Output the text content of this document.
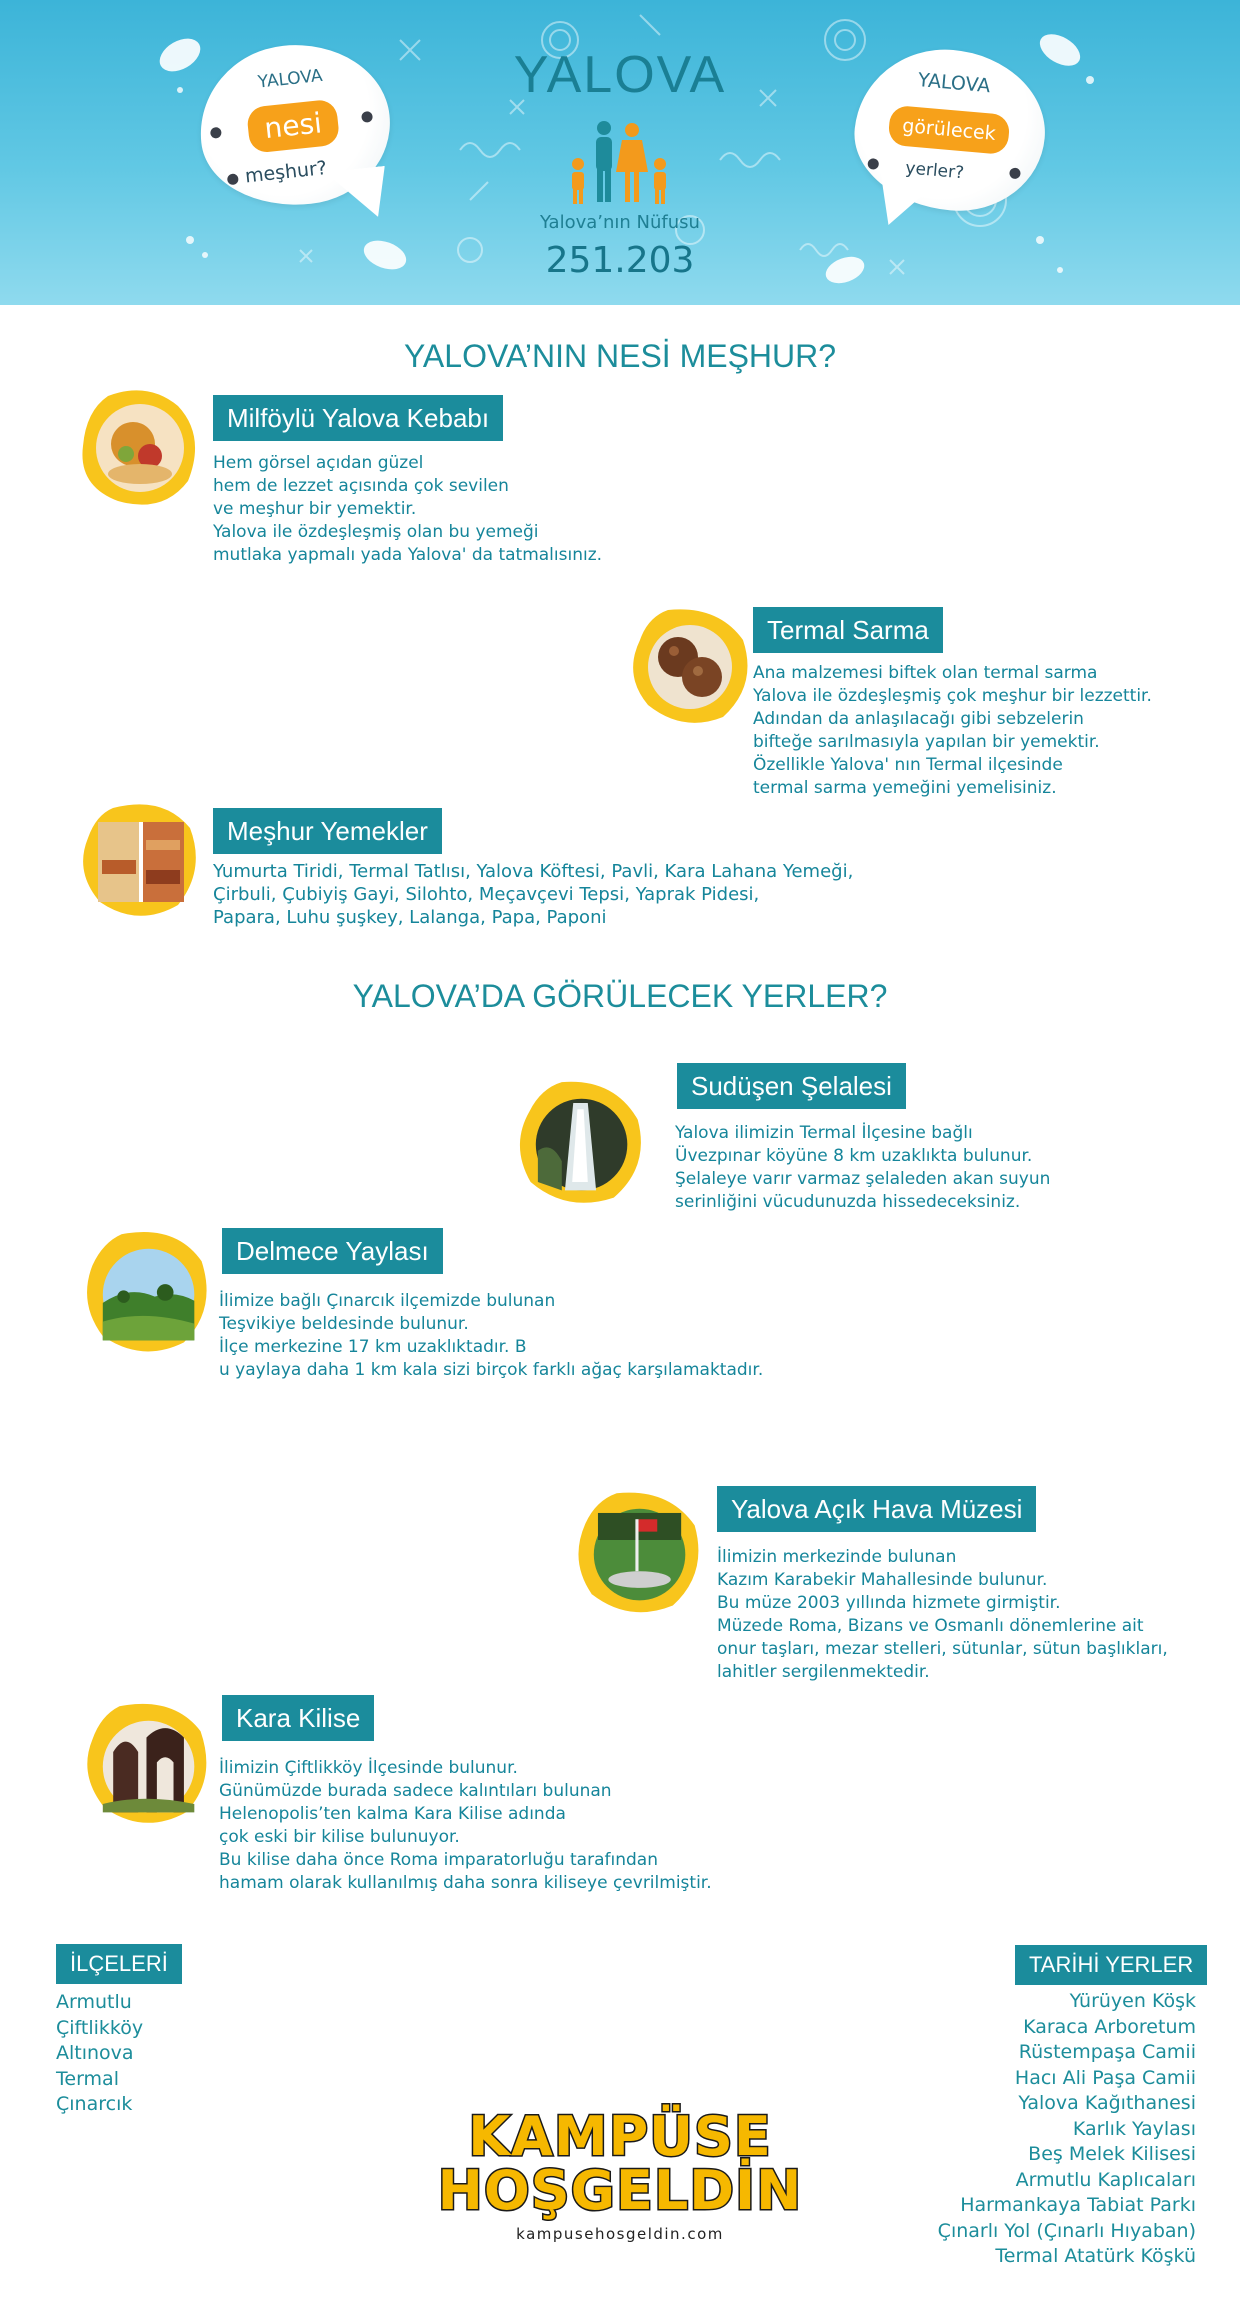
YALOVA
nesi
meşhur?
YALOVA
görülecek
yerler?
YALOVA
Yalova’nın Nüfusu
251.203
YALOVA’NIN NESİ MEŞHUR?
Milföylü Yalova Kebabı
Hem görsel açıdan güzel
hem de lezzet açısında çok sevilen
ve meşhur bir yemektir.
Yalova ile özdeşleşmiş olan bu yemeği
mutlaka yapmalı yada Yalova' da tatmalısınız.
Termal Sarma
Ana malzemesi biftek olan termal sarma
Yalova ile özdeşleşmiş çok meşhur bir lezzettir.
Adından da anlaşılacağı gibi sebzelerin
bifteğe sarılmasıyla yapılan bir yemektir.
Özellikle Yalova' nın Termal ilçesinde
termal sarma yemeğini yemelisiniz.
Meşhur Yemekler
Yumurta Tiridi, Termal Tatlısı, Yalova Köftesi, Pavli, Kara Lahana Yemeği,
Çirbuli, Çubiyiş Gayi, Silohto, Meçavçevi Tepsi, Yaprak Pidesi,
Papara, Luhu şuşkey, Lalanga, Papa, Paponi
YALOVA’DA GÖRÜLECEK YERLER?
Sudüşen Şelalesi
Yalova ilimizin Termal İlçesine bağlı
Üvezpınar köyüne 8 km uzaklıkta bulunur.
Şelaleye varır varmaz şelaleden akan suyun
serinliğini vücudunuzda hissedeceksiniz.
Delmece Yaylası
İlimize bağlı Çınarcık ilçemizde bulunan
Teşvikiye beldesinde bulunur.
İlçe merkezine 17 km uzaklıktadır. B
u yaylaya daha 1 km kala sizi birçok farklı ağaç karşılamaktadır.
Yalova Açık Hava Müzesi
İlimizin merkezinde bulunan
Kazım Karabekir Mahallesinde bulunur.
Bu müze 2003 yıllında hizmete girmiştir.
Müzede Roma, Bizans ve Osmanlı dönemlerine ait
onur taşları, mezar stelleri, sütunlar, sütun başlıkları,
lahitler sergilenmektedir.
Kara Kilise
İlimizin Çiftlikköy İlçesinde bulunur.
Günümüzde burada sadece kalıntıları bulunan
Helenopolis’ten kalma Kara Kilise adında
çok eski bir kilise bulunuyor.
Bu kilise daha önce Roma imparatorluğu tarafından
hamam olarak kullanılmış daha sonra kiliseye çevrilmiştir.
İLÇELERİ
Armutlu
Çiftlikköy
Altınova
Termal
Çınarcık
TARİHİ YERLER
Yürüyen Köşk
Karaca Arboretum
Rüstempaşa Camii
Hacı Ali Paşa Camii
Yalova Kağıthanesi
Karlık Yaylası
Beş Melek Kilisesi
Armutlu Kaplıcaları
Harmankaya Tabiat Parkı
Çınarlı Yol (Çınarlı Hıyaban)
Termal Atatürk Köşkü
KAMPÜSE
HOŞGELDİN
kampusehosgeldin.com
